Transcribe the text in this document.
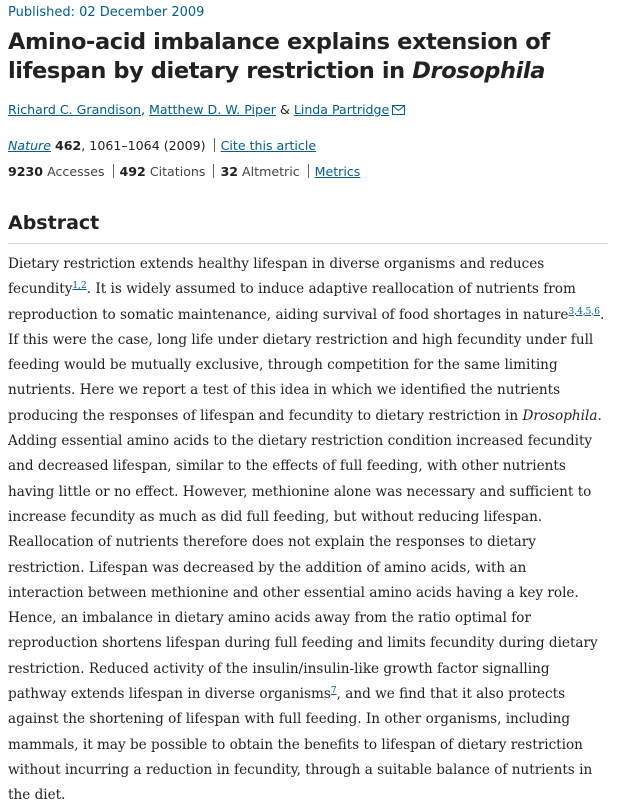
Published: 02 December 2009
Amino-acid imbalance explains extension of lifespan by dietary restriction in Drosophila
Richard C. Grandison, Matthew D. W. Piper & Linda Partridge
Nature 462, 1061–1064 (2009) Cite this article
9230 Accesses 492 Citations 32 Altmetric Metrics
Abstract

Dietary restriction extends healthy lifespan in diverse organisms and reduces fecundity$^{1,2}$. It is widely assumed to induce adaptive reallocation of nutrients from reproduction to somatic maintenance, aiding survival of food shortages in nature$^{3,4,5,6}$. If this were the case, long life under dietary restriction and high fecundity under full feeding would be mutually exclusive, through competition for the same limiting nutrients. Here we report a test of this idea in which we identified the nutrients producing the responses of lifespan and fecundity to dietary restriction in Drosophila. Adding essential amino acids to the dietary restriction condition increased fecundity and decreased lifespan, similar to the effects of full feeding, with other nutrients having little or no effect. However, methionine alone was necessary and sufficient to increase fecundity as much as did full feeding, but without reducing lifespan. Reallocation of nutrients therefore does not explain the responses to dietary restriction. Lifespan was decreased by the addition of amino acids, with an interaction between methionine and other essential amino acids having a key role. Hence, an imbalance in dietary amino acids away from the ratio optimal for reproduction shortens lifespan during full feeding and limits fecundity during dietary restriction. Reduced activity of the insulin/insulin-like growth factor signalling pathway extends lifespan in diverse organisms$^7$, and we find that it also protects against the shortening of lifespan with full feeding. In other organisms, including mammals, it may be possible to obtain the benefits to lifespan of dietary restriction without incurring a reduction in fecundity, through a suitable balance of nutrients in the diet.
